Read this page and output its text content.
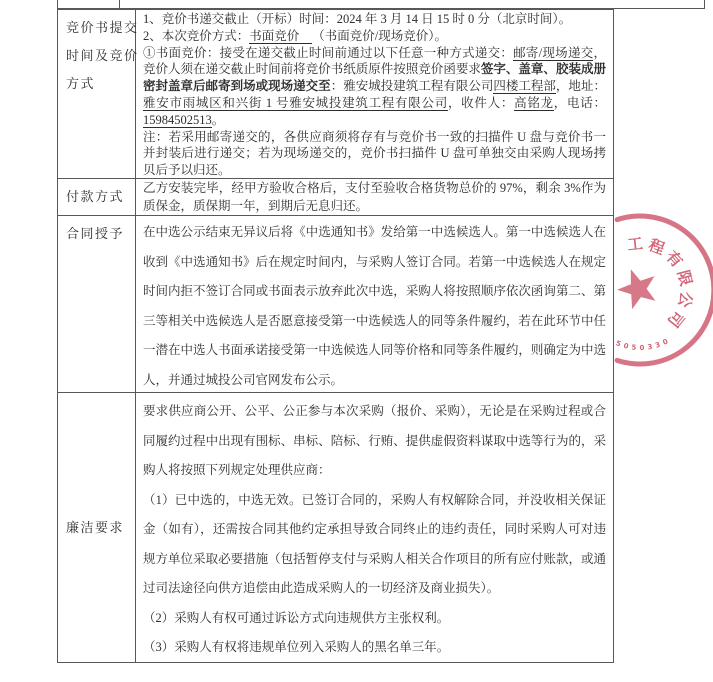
竞价书提交
时间及竞价
方式

1、竞价书递交截止（开标）时间：2024 年 3 月 14 日 15 时 0 分（北京时间）。

2、本次竞价方式：书面竞价 （书面竞价/现场竞价）。

①书面竞价：接受在递交截止时间前通过以下任意一种方式递交：邮寄/现场递交，竞价人须在递交截止时间前将竞价书纸质原件按照竞价函要求签字、盖章、胶装成册密封盖章后邮寄到场或现场递交至：雅安城投建筑工程有限公司四楼工程部，地址：雅安市雨城区和兴街 1 号雅安城投建筑工程有限公司，收件人：高铭龙，电话：15984502513。

注：若采用邮寄递交的，各供应商须将存有与竞价书一致的扫描件 U 盘与竞价书一并封装后进行递交；若为现场递交的，竞价书扫描件 U 盘可单独交由采购人现场拷贝后予以归还。

付款方式

乙方安装完毕，经甲方验收合格后，支付至验收合格货物总价的 97%，剩余 3%作为质保金，质保期一年，到期后无息归还。

合同授予	在中选公示结束无异议后将《中选通知书》发给第一中选候选人。第一中选候选人在收到《中选通知书》后在规定时间内，与采购人签订合同。若第一中选候选人在规定时间内拒不签订合同或书面表示放弃此次中选，采购人将按照顺序依次函询第二、第三等相关中选候选人是否愿意接受第一中选候选人的同等条件履约，若在此环节中任一潜在中选人书面承诺接受第一中选候选人同等价格和同等条件履约，则确定为中选人，并通过城投公司官网发布公示。

廉洁要求

要求供应商公开、公平、公正参与本次采购（报价、采购），无论是在采购过程或合同履约过程中出现有围标、串标、陪标、行贿、提供虚假资料谋取中选等行为的，采购人将按照下列规定处理供应商：

（1）已中选的，中选无效。已签订合同的，采购人有权解除合同，并没收相关保证金（如有），还需按合同其他约定承担导致合同终止的违约责任，同时采购人可对违规方单位采取必要措施（包括暂停支付与采购人相关合作项目的所有应付账款，或通过司法途径向供方追偿由此造成采购人的一切经济及商业损失）。

（2）采购人有权可通过诉讼方式向违规供方主张权利。

（3）采购人有权将违规单位列入采购人的黑名单三年。

工 程
有
限
公
司
5 0 5 0 3 3 0
